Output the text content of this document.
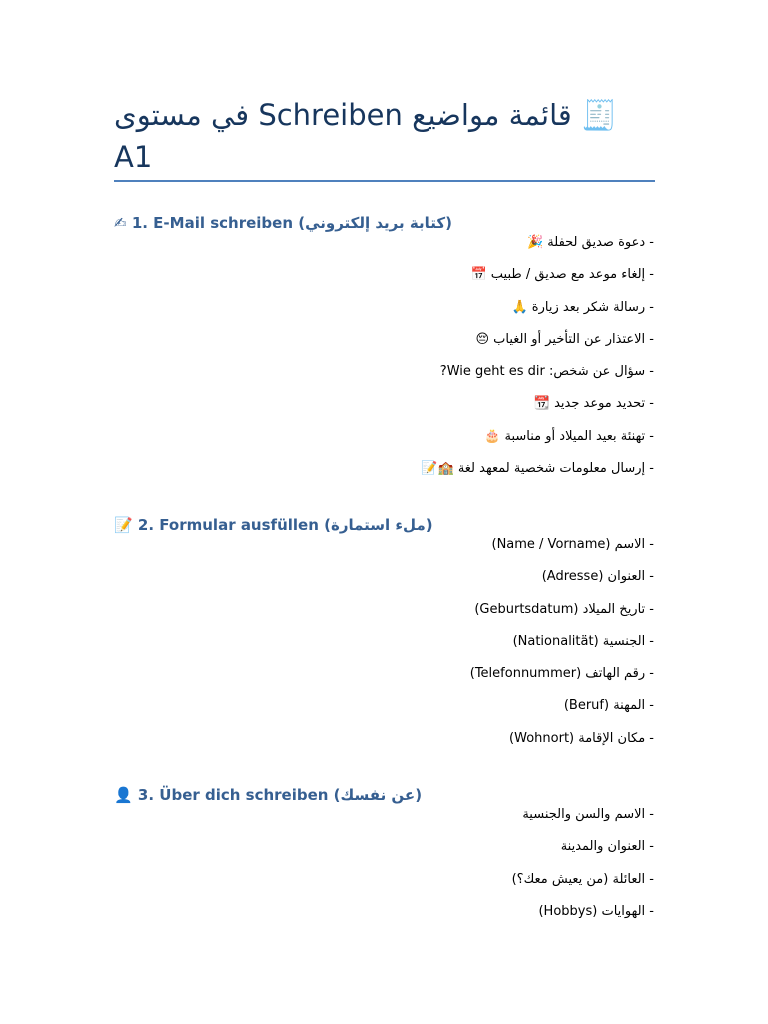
🧾 قائمة مواضيع Schreiben في مستوى
A1
✍ 1. E-Mail schreiben (كتابة بريد إلكتروني)
- دعوة صديق لحفلة 🎉
- إلغاء موعد مع صديق / طبيب 📅
- رسالة شكر بعد زيارة 🙏
- الاعتذار عن التأخير أو الغياب 😔
- سؤال عن شخص: Wie geht es dir?
- تحديد موعد جديد 📆
- تهنئة بعيد الميلاد أو مناسبة 🎂
- إرسال معلومات شخصية لمعهد لغة 🏫📝
📝 2. Formular ausfüllen (ملء استمارة)
- الاسم (Name / Vorname)
- العنوان (Adresse)
- تاريخ الميلاد (Geburtsdatum)
- الجنسية (Nationalität)
- رقم الهاتف (Telefonnummer)
- المهنة (Beruf)
- مكان الإقامة (Wohnort)
👤 3. Über dich schreiben (عن نفسك)
- الاسم والسن والجنسية
- العنوان والمدينة
- العائلة (من يعيش معك؟)
- الهوايات (Hobbys)
